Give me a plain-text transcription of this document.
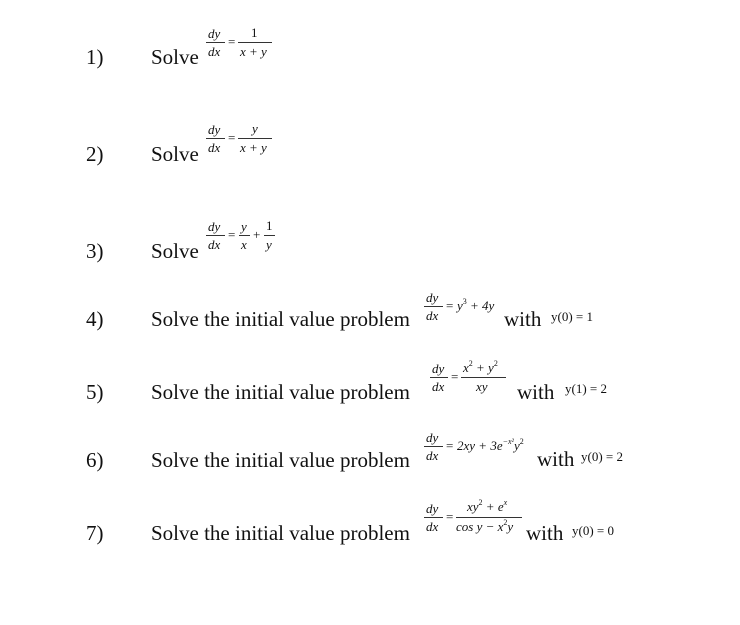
1) Solve
dy
dx
=
1
x + y
2) Solve
dy
dx
=
y
x + y
3) Solve
dy
dx
=
y
x
+
1
y
4) Solve the initial value problem
dy
dx
= $y^3 + 4y$
with y(0) = 1
5) Solve the initial value problem
dy
dx
=
$x^2 + y^2$
xy with y(1) = 2
6) Solve the initial value problem
dy
dx
= $2xy + 3e^{-x^2}y^2$
with y(0) = 2
7) Solve the initial value problem
dy
dx
=
$xy^2 + e^x$
$\cos y - x^2y$ with y(0) = 0
